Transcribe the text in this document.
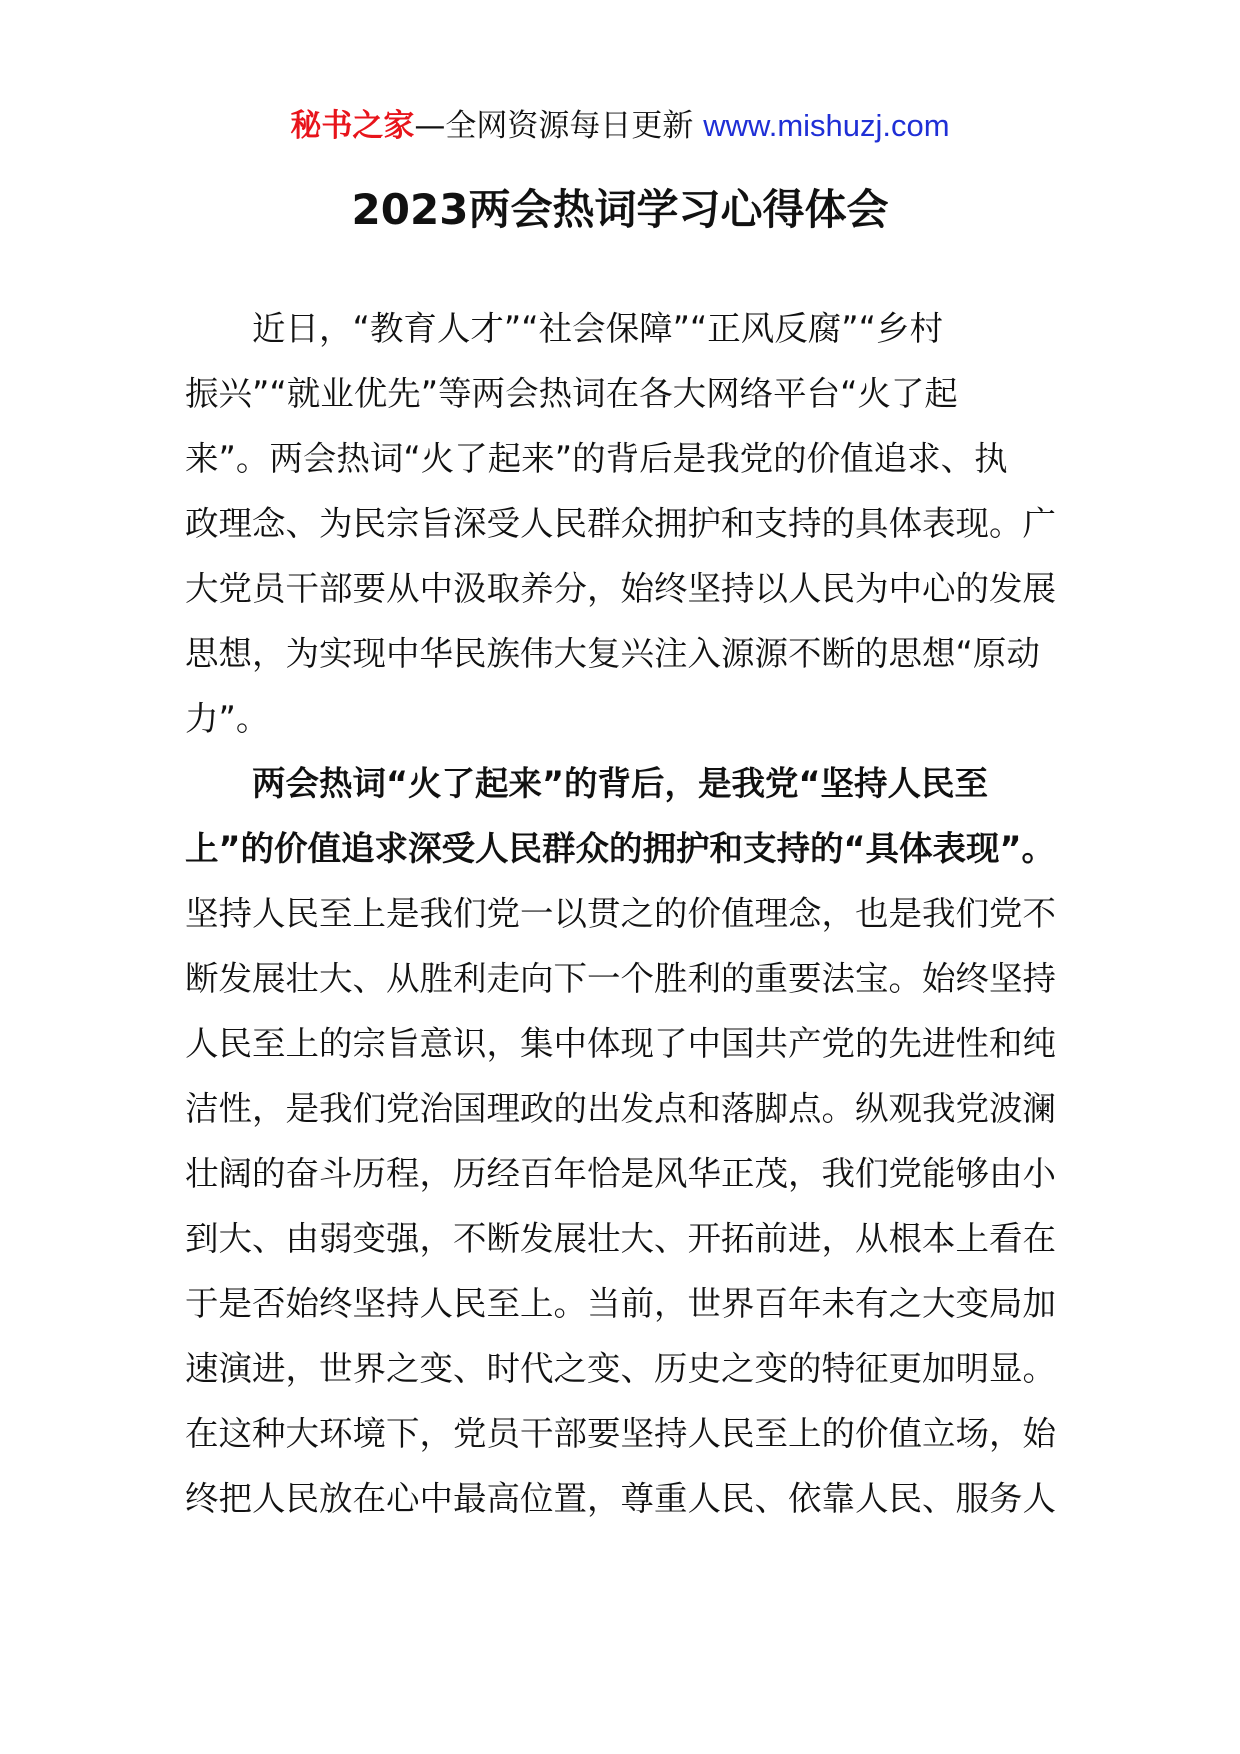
秘书之家—全网资源每日更新 www.mishuzj.com
2023两会热词学习心得体会
近日，“教育人才”“社会保障”“正风反腐”“乡村
振兴”“就业优先”等两会热词在各大网络平台“火了起
来”。两会热词“火了起来”的背后是我党的价值追求、执
政理念、为民宗旨深受人民群众拥护和支持的具体表现。广
大党员干部要从中汲取养分，始终坚持以人民为中心的发展
思想，为实现中华民族伟大复兴注入源源不断的思想“原动
力”。
两会热词“火了起来”的背后，是我党“坚持人民至
上”的价值追求深受人民群众的拥护和支持的“具体表现”。
坚持人民至上是我们党一以贯之的价值理念，也是我们党不
断发展壮大、从胜利走向下一个胜利的重要法宝。始终坚持
人民至上的宗旨意识，集中体现了中国共产党的先进性和纯
洁性，是我们党治国理政的出发点和落脚点。纵观我党波澜
壮阔的奋斗历程，历经百年恰是风华正茂，我们党能够由小
到大、由弱变强，不断发展壮大、开拓前进，从根本上看在
于是否始终坚持人民至上。当前，世界百年未有之大变局加
速演进，世界之变、时代之变、历史之变的特征更加明显。
在这种大环境下，党员干部要坚持人民至上的价值立场，始
终把人民放在心中最高位置，尊重人民、依靠人民、服务人
